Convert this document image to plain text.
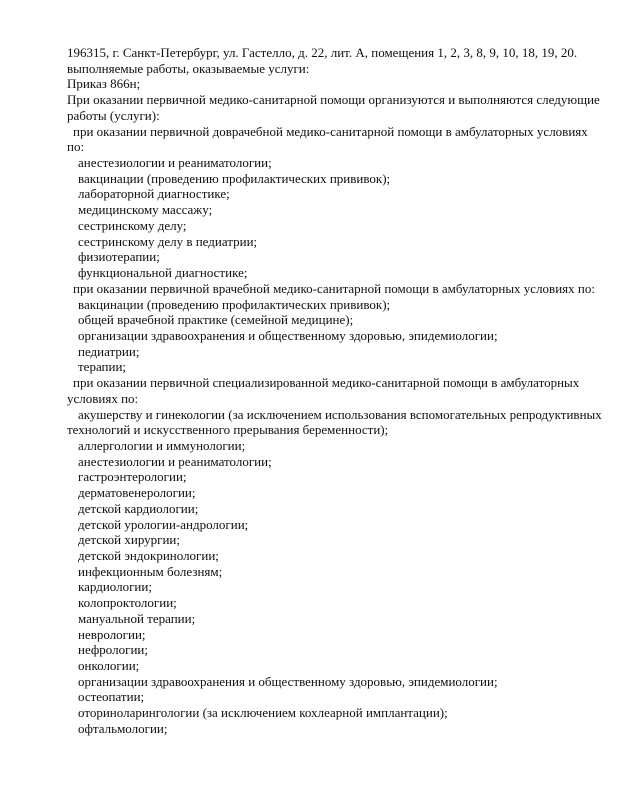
196315, г. Санкт-Петербург, ул. Гастелло, д. 22, лит. А, помещения 1, 2, 3, 8, 9, 10, 18, 19, 20.
выполняемые работы, оказываемые услуги:
Приказ 866н;
При оказании первичной медико-санитарной помощи организуются и выполняются следующие
работы (услуги):
при оказании первичной доврачебной медико-санитарной помощи в амбулаторных условиях
по:
анестезиологии и реаниматологии;
вакцинации (проведению профилактических прививок);
лабораторной диагностике;
медицинскому массажу;
сестринскому делу;
сестринскому делу в педиатрии;
физиотерапии;
функциональной диагностике;
при оказании первичной врачебной медико-санитарной помощи в амбулаторных условиях по:
вакцинации (проведению профилактических прививок);
общей врачебной практике (семейной медицине);
организации здравоохранения и общественному здоровью, эпидемиологии;
педиатрии;
терапии;
при оказании первичной специализированной медико-санитарной помощи в амбулаторных
условиях по:
акушерству и гинекологии (за исключением использования вспомогательных репродуктивных
технологий и искусственного прерывания беременности);
аллергологии и иммунологии;
анестезиологии и реаниматологии;
гастроэнтерологии;
дерматовенерологии;
детской кардиологии;
детской урологии-андрологии;
детской хирургии;
детской эндокринологии;
инфекционным болезням;
кардиологии;
колопроктологии;
мануальной терапии;
неврологии;
нефрологии;
онкологии;
организации здравоохранения и общественному здоровью, эпидемиологии;
остеопатии;
оториноларингологии (за исключением кохлеарной имплантации);
офтальмологии;
